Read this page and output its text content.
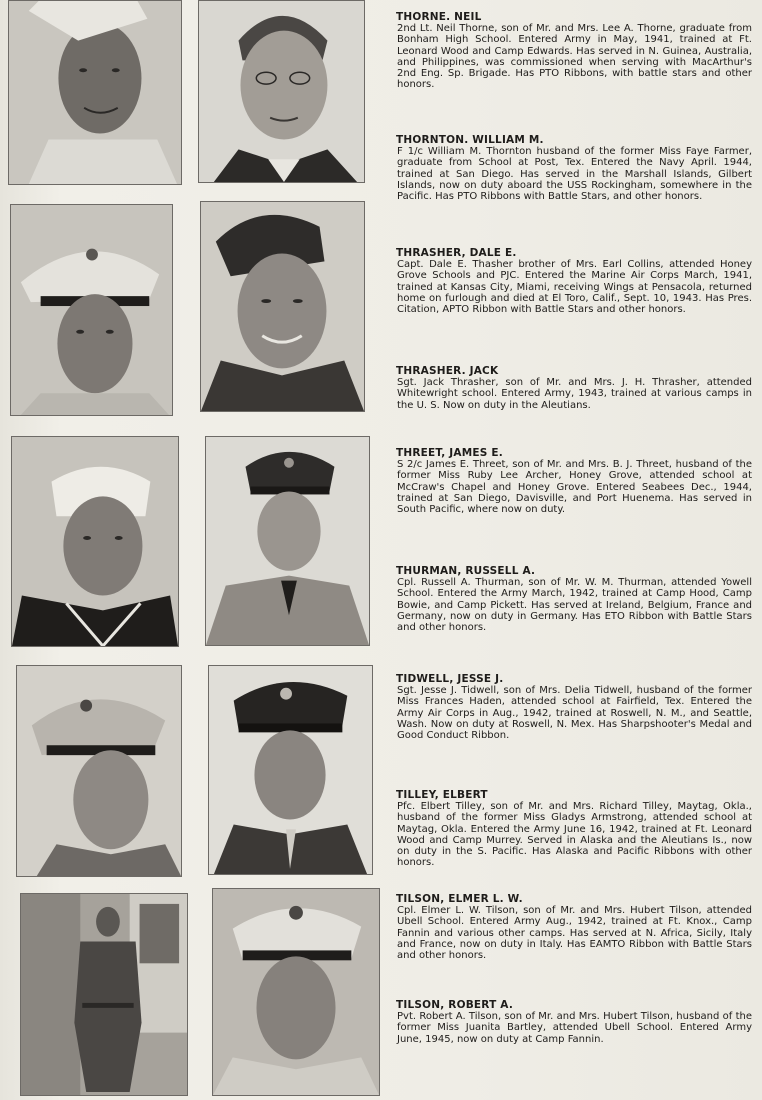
THORNE. NEIL
2nd Lt. Neil Thorne, son of Mr. and Mrs. Lee A. Thorne, graduate from Bonham High School. Entered Army in May, 1941, trained at Ft. Leonard Wood and Camp Edwards. Has served in N. Guinea, Australia, and Philippines, was commissioned when serving with MacArthur's 2nd Eng. Sp. Brigade. Has PTO Ribbons, with battle stars and other honors.
THORNTON. WILLIAM M.
F 1/c William M. Thornton husband of the former Miss Faye Farmer, graduate from School at Post, Tex. Entered the Navy April. 1944, trained at San Diego. Has served in the Marshall Islands, Gilbert Islands, now on duty aboard the USS Rockingham, somewhere in the Pacific. Has PTO Ribbons with Battle Stars, and other honors.
THRASHER, DALE E.
Capt. Dale E. Thasher brother of Mrs. Earl Collins, attended Honey Grove Schools and PJC. Entered the Marine Air Corps March, 1941, trained at Kansas City, Miami, receiving Wings at Pensacola, returned home on furlough and died at El Toro, Calif., Sept. 10, 1943. Has Pres. Citation, APTO Ribbon with Battle Stars and other honors.
THRASHER. JACK
Sgt. Jack Thrasher, son of Mr. and Mrs. J. H. Thrasher, attended Whitewright school. Entered Army, 1943, trained at various camps in the U. S. Now on duty in the Aleutians.
THREET, JAMES E.
S 2/c James E. Threet, son of Mr. and Mrs. B. J. Threet, husband of the former Miss Ruby Lee Archer, Honey Grove, attended school at McCraw's Chapel and Honey Grove. Entered Seabees Dec., 1944, trained at San Diego, Davisville, and Port Huenema. Has served in South Pacific, where now on duty.
THURMAN, RUSSELL A.
Cpl. Russell A. Thurman, son of Mr. W. M. Thurman, attended Yowell School. Entered the Army March, 1942, trained at Camp Hood, Camp Bowie, and Camp Pickett. Has served at Ireland, Belgium, France and Germany, now on duty in Germany. Has ETO Ribbon with Battle Stars and other honors.
TIDWELL, JESSE J.
Sgt. Jesse J. Tidwell, son of Mrs. Delia Tidwell, husband of the former Miss Frances Haden, attended school at Fairfield, Tex. Entered the Army Air Corps in Aug., 1942, trained at Roswell, N. M., and Seattle, Wash. Now on duty at Roswell, N. Mex. Has Sharpshooter's Medal and Good Conduct Ribbon.
TILLEY, ELBERT
Pfc. Elbert Tilley, son of Mr. and Mrs. Richard Tilley, Maytag, Okla., husband of the former Miss Gladys Armstrong, attended school at Maytag, Okla. Entered the Army June 16, 1942, trained at Ft. Leonard Wood and Camp Murrey. Served in Alaska and the Aleutians Is., now on duty in the S. Pacific. Has Alaska and Pacific Ribbons with other honors.
TILSON, ELMER L. W.
Cpl. Elmer L. W. Tilson, son of Mr. and Mrs. Hubert Tilson, attended Ubell School. Entered Army Aug., 1942, trained at Ft. Knox., Camp Fannin and various other camps. Has served at N. Africa, Sicily, Italy and France, now on duty in Italy. Has EAMTO Ribbon with Battle Stars and other honors.
TILSON, ROBERT A.
Pvt. Robert A. Tilson, son of Mr. and Mrs. Hubert Tilson, husband of the former Miss Juanita Bartley, attended Ubell School. Entered Army June, 1945, now on duty at Camp Fannin.
